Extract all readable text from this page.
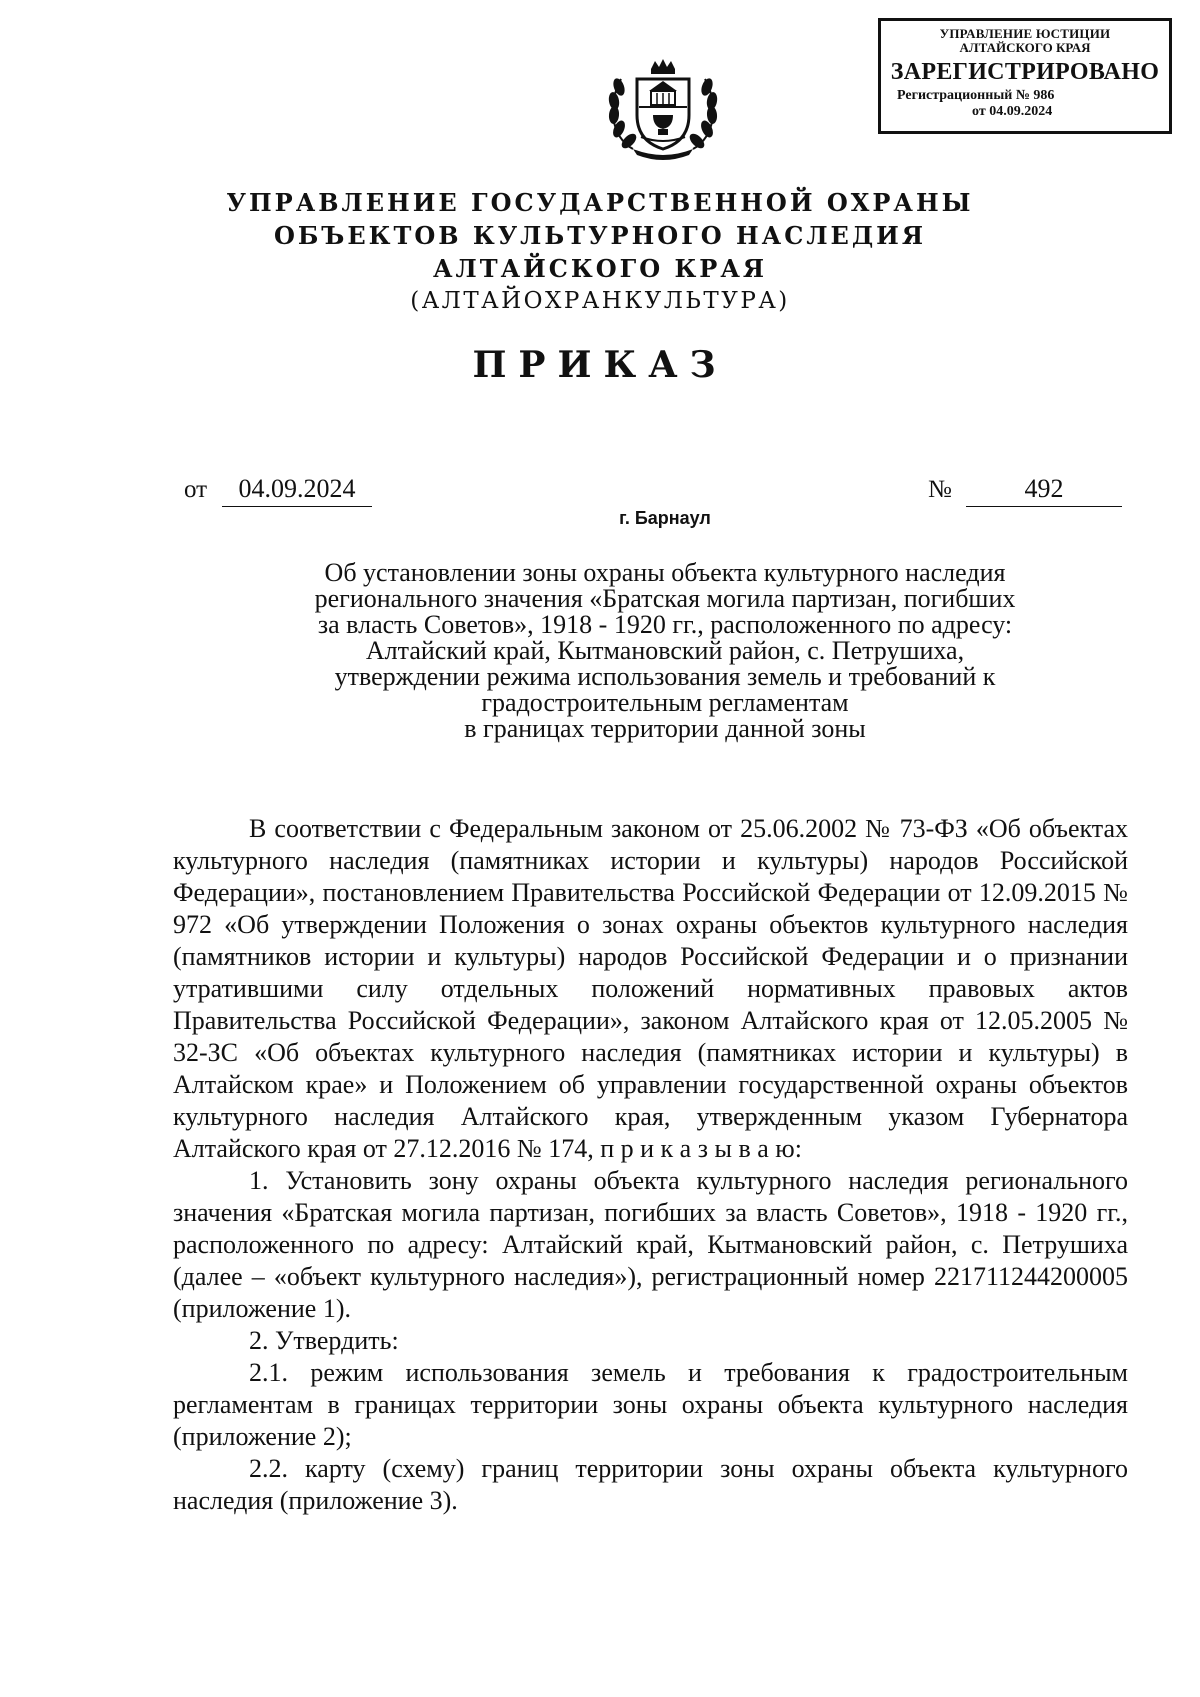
УПРАВЛЕНИЕ ЮСТИЦИИ
АЛТАЙСКОГО КРАЯ
ЗАРЕГИСТРИРОВАНО
Регистрационный № 986
от 04.09.2024
УПРАВЛЕНИЕ ГОСУДАРСТВЕННОЙ ОХРАНЫ
ОБЪЕКТОВ КУЛЬТУРНОГО НАСЛЕДИЯ
АЛТАЙСКОГО КРАЯ
(АЛТАЙОХРАНКУЛЬТУРА)
ПРИКАЗ
от	04.09.2024	№	492
г. Барнаул
Об установлении зоны охраны объекта культурного наследия
регионального значения «Братская могила партизан, погибших
за власть Советов», 1918 - 1920 гг., расположенного по адресу:
Алтайский край, Кытмановский район, с. Петрушиха,
утверждении режима использования земель и требований к
градостроительным регламентам
в границах территории данной зоны

В соответствии с Федеральным законом от 25.06.2002 № 73-ФЗ «Об объектах культурного наследия (памятниках истории и культуры) народов Российской Федерации», постановлением Правительства Российской Федерации от 12.09.2015 № 972 «Об утверждении Положения о зонах охраны объектов культурного наследия (памятников истории и культуры) народов Российской Федерации и о признании утратившими силу отдельных положений нормативных правовых актов Правительства Российской Федерации», законом Алтайского края от 12.05.2005 № 32-ЗС «Об объектах культурного наследия (памятниках истории и культуры) в Алтайском крае» и Положением об управлении государственной охраны объектов культурного наследия Алтайского края, утвержденным указом Губернатора Алтайского края от 27.12.2016 № 174, п р и к а з ы в а ю:

1. Установить зону охраны объекта культурного наследия регионального значения «Братская могила партизан, погибших за власть Советов», 1918 - 1920 гг., расположенного по адресу: Алтайский край, Кытмановский район, с. Петрушиха (далее – «объект культурного наследия»), регистрационный номер 221711244200005 (приложение 1).

2. Утвердить:

2.1. режим использования земель и требования к градостроительным регламентам в границах территории зоны охраны объекта культурного наследия (приложение 2);

2.2. карту (схему) границ территории зоны охраны объекта культурного наследия (приложение 3).
